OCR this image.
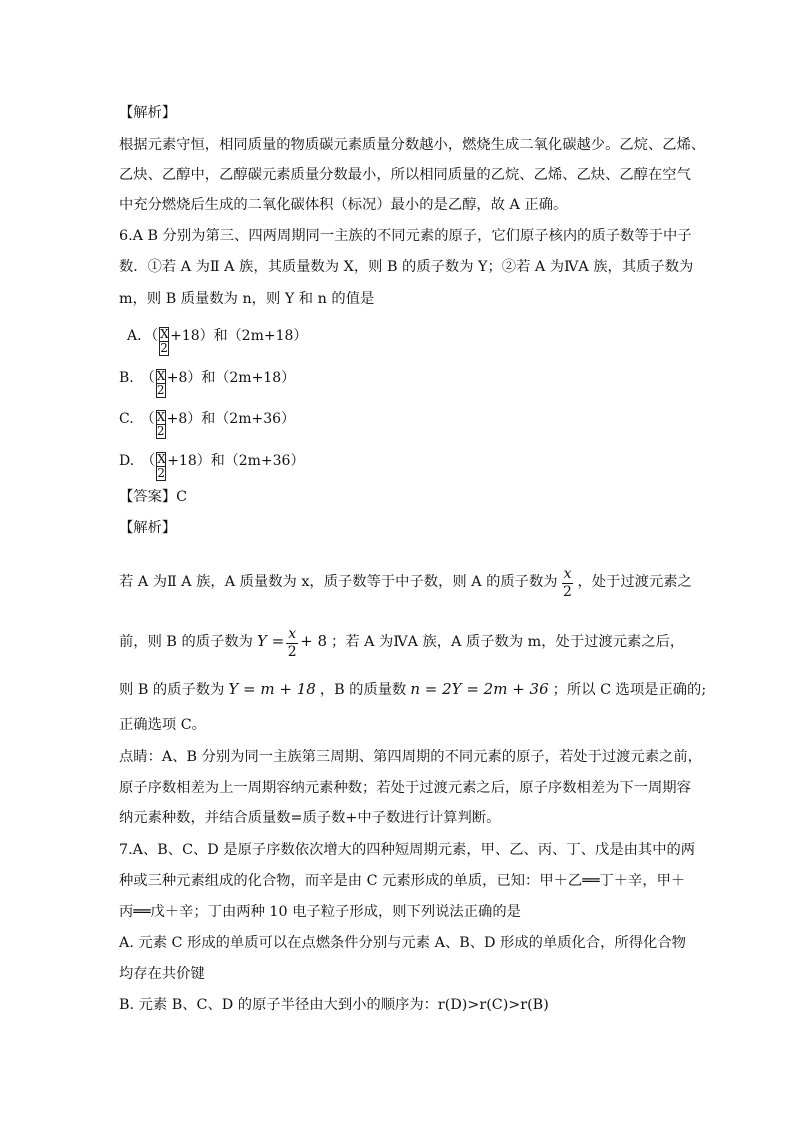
【解析】
根据元素守恒，相同质量的物质碳元素质量分数越小，燃烧生成二氧化碳越少。乙烷、乙烯、
乙炔、乙醇中，乙醇碳元素质量分数最小，所以相同质量的乙烷、乙烯、乙炔、乙醇在空气
中充分燃烧后生成的二氧化碳体积（标况）最小的是乙醇，故 A 正确。
6.A B 分别为第三、四两周期同一主族的不同元素的原子，它们原子核内的质子数等于中子
数．①若 A 为Ⅱ A 族，其质量数为 X，则 B 的质子数为 Y；②若 A 为ⅣA 族，其质子数为
m，则 B 质量数为 n，则 Y 和 n 的值是
A．（ $\frac{X}{2} +18$）和（2m+18）
B.　（ $\frac{X}{2} +8$）和（2m+18）
C.　（ $\frac{X}{2} +8$）和（2m+36）
D.　（ $\frac{X}{2} +18$）和（2m+36）
【答案】C
【解析】
若 A 为Ⅱ A 族，A 质量数为 x，质子数等于中子数，则 A 的质子数为 $\frac{x}{2}$ ，处于过渡元素之
前，则 B 的质子数为 $Y = \frac{x}{2} + 8$ ；若 A 为ⅣA 族，A 质子数为 m，处于过渡元素之后，
则 B 的质子数为 Y = m + 18 ，B 的质量数 n = 2Y = 2m + 36 ；所以 C 选项是正确的;
正确选项 C。
点睛：A、B 分别为同一主族第三周期、第四周期的不同元素的原子，若处于过渡元素之前，
原子序数相差为上一周期容纳元素种数；若处于过渡元素之后，原子序数相差为下一周期容
纳元素种数，并结合质量数=质子数+中子数进行计算判断。
7.A、B、C、D 是原子序数依次增大的四种短周期元素，甲、乙、丙、丁、戊是由其中的两
种或三种元素组成的化合物，而辛是由 C 元素形成的单质，已知：甲＋乙══丁＋辛，甲＋
丙══戊＋辛；丁由两种 10 电子粒子形成，则下列说法正确的是
A. 元素 C 形成的单质可以在点燃条件分别与元素 A、B、D 形成的单质化合，所得化合物
均存在共价键
B. 元素 B、C、D 的原子半径由大到小的顺序为：r(D)>r(C)>r(B)
